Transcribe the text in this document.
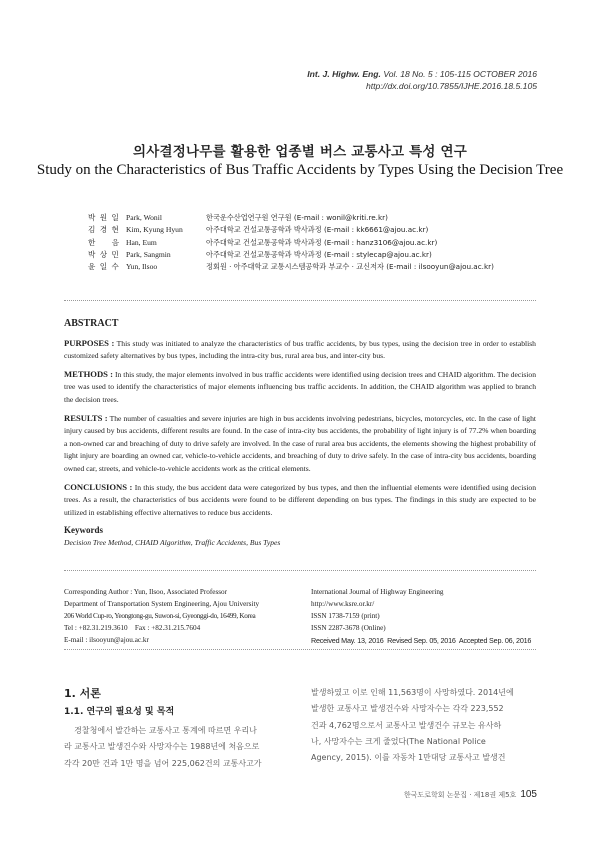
Int. J. Highw. Eng. Vol. 18 No. 5 : 105-115 OCTOBER 2016
http://dx.doi.org/10.7855/IJHE.2016.18.5.105
의사결정나무를 활용한 업종별 버스 교통사고 특성 연구
Study on the Characteristics of Bus Traffic Accidents by Types Using the Decision Tree
박 원 일 Park, Wonil	한국운수산업연구원 연구원 (E-mail : wonil@kriti.re.kr)
김 경 현 Kim, Kyung Hyun	아주대학교 건설교통공학과 박사과정 (E-mail : kk6661@ajou.ac.kr)
한 음 Han, Eum	아주대학교 건설교통공학과 박사과정 (E-mail : hanz3106@ajou.ac.kr)
박 상 민 Park, Sangmin	아주대학교 건설교통공학과 박사과정 (E-mail : stylecap@ajou.ac.kr)
윤 일 수 Yun, Ilsoo	정회원 · 아주대학교 교통시스템공학과 부교수 · 교신저자 (E-mail : ilsooyun@ajou.ac.kr)
ABSTRACT
PURPOSES : This study was initiated to analyze the characteristics of bus traffic accidents, by bus types, using the decision tree in order to establish customized safety alternatives by bus types, including the intra-city bus, rural area bus, and inter-city bus.
METHODS : In this study, the major elements involved in bus traffic accidents were identified using decision trees and CHAID algorithm. The decision tree was used to identify the characteristics of major elements influencing bus traffic accidents. In addition, the CHAID algorithm was applied to branch the decision trees.
RESULTS : The number of casualties and severe injuries are high in bus accidents involving pedestrians, bicycles, motorcycles, etc. In the case of light injury caused by bus accidents, different results are found. In the case of intra-city bus accidents, the probability of light injury is of 77.2% when boarding a non-owned car and breaching of duty to drive safely are involved. In the case of rural area bus accidents, the elements showing the highest probability of light injury are boarding an owned car, vehicle-to-vehicle accidents, and breaching of duty to drive safely. In the case of intra-city bus accidents, boarding owned car, streets, and vehicle-to-vehicle accidents work as the critical elements.
CONCLUSIONS : In this study, the bus accident data were categorized by bus types, and then the influential elements were identified using decision trees. As a result, the characteristics of bus accidents were found to be different depending on bus types. The findings in this study are expected to be utilized in establishing effective alternatives to reduce bus accidents.
Keywords
Decision Tree Method, CHAID Algorithm, Traffic Accidents, Bus Types
Corresponding Author : Yun, Ilsoo, Associated Professor
Department of Transportation System Engineering, Ajou University
206 World Cup-ro, Yeongtong-gu, Suwon-si, Gyeonggi-do, 16499, Korea
Tel : +82.31.219.3610    Fax : +82.31.215.7604
E-mail : ilsooyun@ajou.ac.kr
International Journal of Highway Engineering
http://www.ksre.or.kr/
ISSN 1738-7159 (print)
ISSN 2287-3678 (Online)
Received May. 13, 2016  Revised Sep. 05, 2016  Accepted Sep. 06, 2016
1. 서론
1.1. 연구의 필요성 및 목적
경찰청에서 발간하는 교통사고 통계에 따르면 우리나
라 교통사고 발생건수와 사망자수는 1988년에 처음으로
각각 20만 건과 1만 명을 넘어 225,062건의 교통사고가
발생하였고 이로 인해 11,563명이 사망하였다. 2014년에
발생한 교통사고 발생건수와 사망자수는 각각 223,552
건과 4,762명으로서 교통사고 발생건수 규모는 유사하
나, 사망자수는 크게 줄었다(The National Police
Agency, 2015). 이를 자동차 1만대당 교통사고 발생건
한국도로학회 논문집 · 제18권 제5호 105
